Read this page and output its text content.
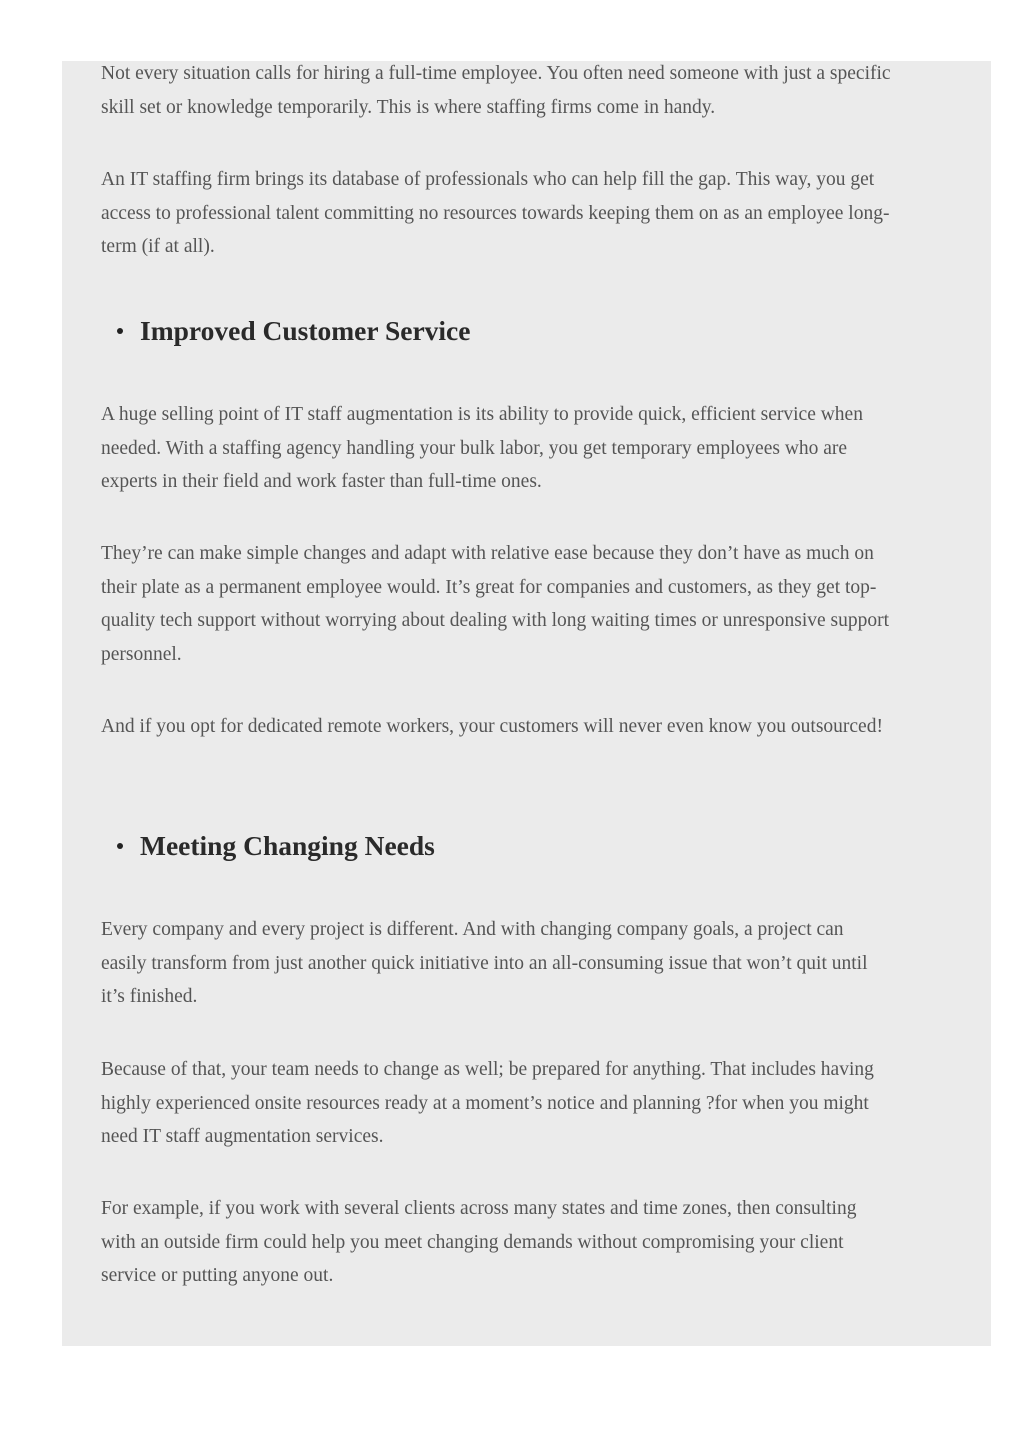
Not every situation calls for hiring a full-time employee. You often need someone with just a specific skill set or knowledge temporarily. This is where staffing firms come in handy.

An IT staffing firm brings its database of professionals who can help fill the gap. This way, you get access to professional talent committing no resources towards keeping them on as an employee long-term (if at all).

Improved Customer Service

A huge selling point of IT staff augmentation is its ability to provide quick, efficient service when needed. With a staffing agency handling your bulk labor, you get temporary employees who are experts in their field and work faster than full-time ones.

They’re can make simple changes and adapt with relative ease because they don’t have as much on their plate as a permanent employee would. It’s great for companies and customers, as they get top-quality tech support without worrying about dealing with long waiting times or unresponsive support personnel.

And if you opt for dedicated remote workers, your customers will never even know you outsourced!

Meeting Changing Needs

Every company and every project is different. And with changing company goals, a project can easily transform from just another quick initiative into an all-consuming issue that won’t quit until it’s finished.

Because of that, your team needs to change as well; be prepared for anything. That includes having highly experienced onsite resources ready at a moment’s notice and planning ?for when you might need IT staff augmentation services.

For example, if you work with several clients across many states and time zones, then consulting with an outside firm could help you meet changing demands without compromising your client service or putting anyone out.
